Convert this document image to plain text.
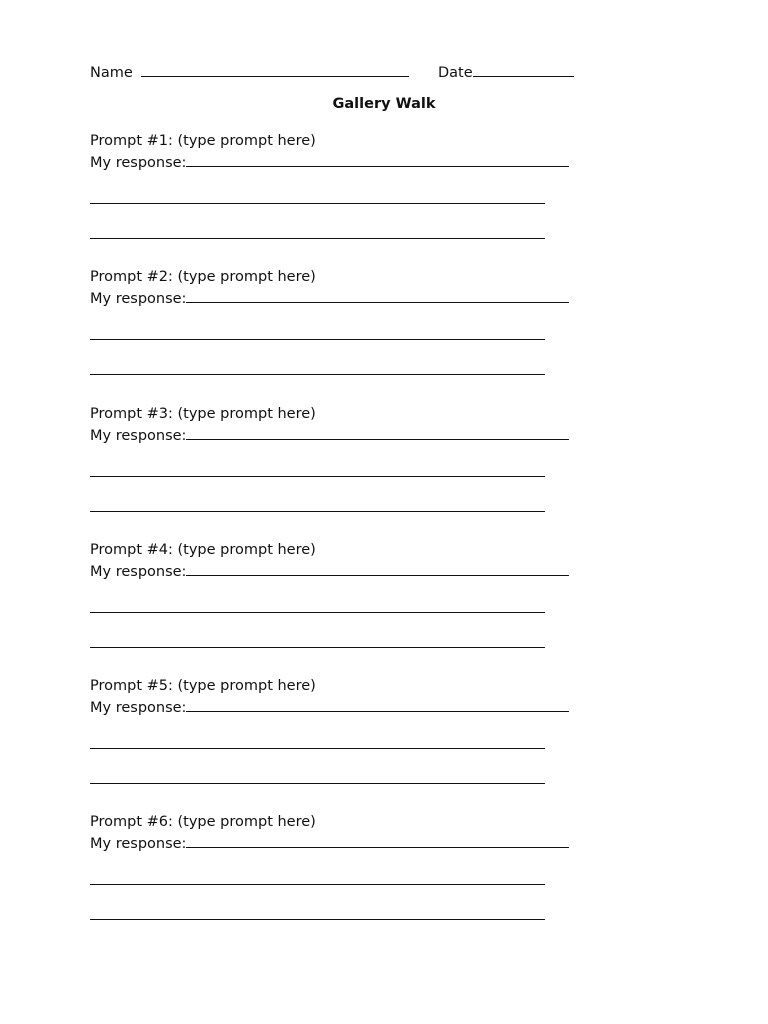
Name	Date
Gallery Walk
Prompt #1: (type prompt here)
My response:
Prompt #2: (type prompt here)
My response:
Prompt #3: (type prompt here)
My response:
Prompt #4: (type prompt here)
My response:
Prompt #5: (type prompt here)
My response:
Prompt #6: (type prompt here)
My response:
